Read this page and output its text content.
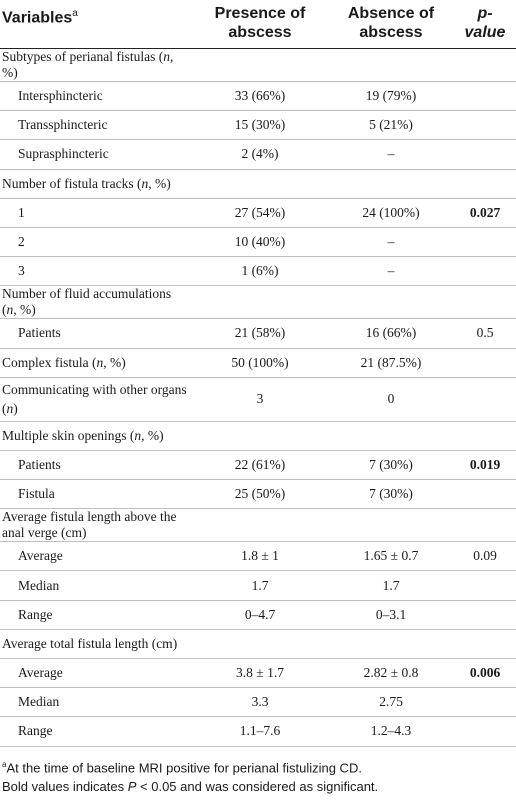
Variables$^a$	Presence of abscess	Absence of abscess	p-value
Subtypes of perianal fistulas (n, %)			
Intersphincteric	33 (66%)	19 (79%)	
Transsphincteric	15 (30%)	5 (21%)	
Suprasphincteric	2 (4%)	–	
Number of fistula tracks (n, %)			
1	27 (54%)	24 (100%)	0.027
2	10 (40%)	–	
3	1 (6%)	–	
Number of fluid accumulations (n, %)			
Patients	21 (58%)	16 (66%)	0.5
Complex fistula (n, %)	50 (100%)	21 (87.5%)	
Communicating with other organs (n)	3	0	
Multiple skin openings (n, %)			
Patients	22 (61%)	7 (30%)	0.019
Fistula	25 (50%)	7 (30%)	
Average fistula length above the anal verge (cm)			
Average	1.8 ± 1	1.65 ± 0.7	0.09
Median	1.7	1.7	
Range	0–4.7	0–3.1	
Average total fistula length (cm)			
Average	3.8 ± 1.7	2.82 ± 0.8	0.006
Median	3.3	2.75	
Range	1.1–7.6	1.2–4.3	
$^a$At the time of baseline MRI positive for perianal fistulizing CD.
Bold values indicates P < 0.05 and was considered as significant.
